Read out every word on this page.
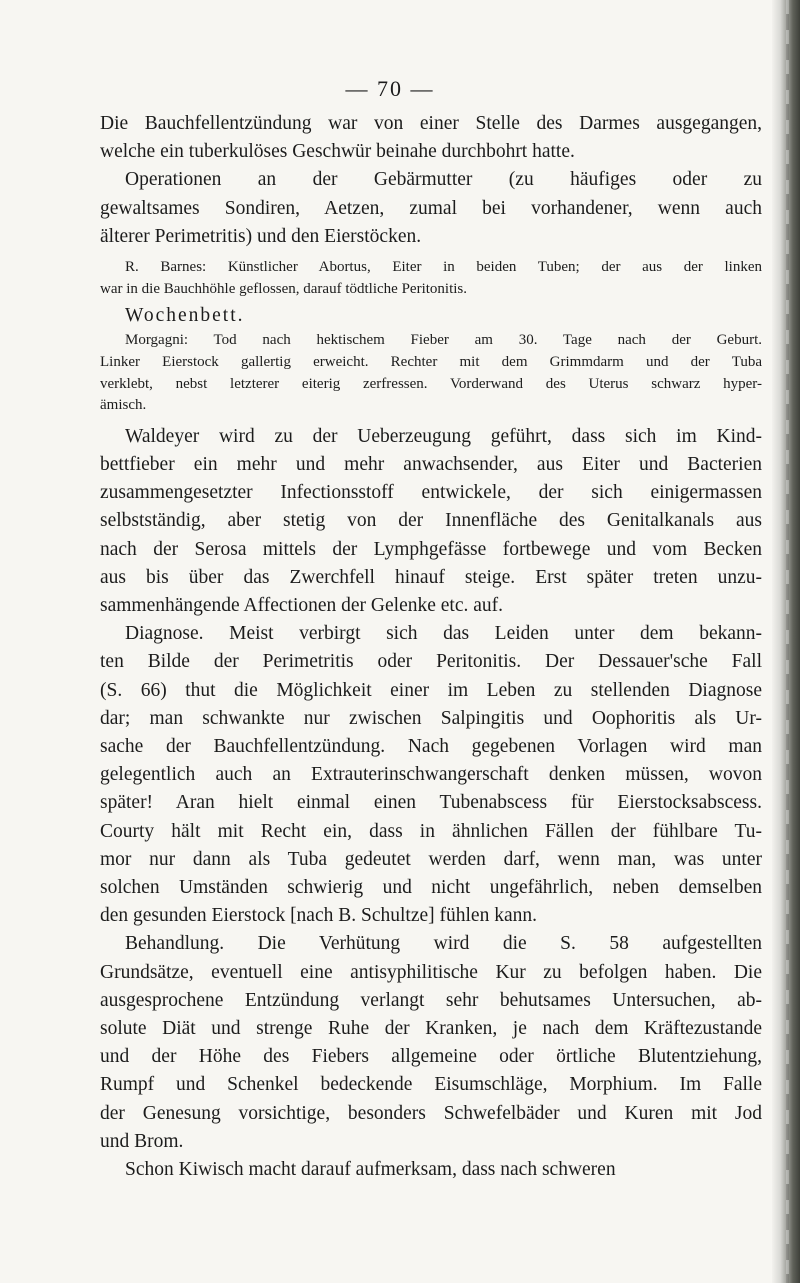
— 70 —
Die Bauchfellentzündung war von einer Stelle des Darmes ausgegangen,
welche ein tuberkulöses Geschwür beinahe durchbohrt hatte.
Operationen an der Gebärmutter (zu häufiges oder zu
gewaltsames Sondiren, Aetzen, zumal bei vorhandener, wenn auch
älterer Perimetritis) und den Eierstöcken.
R. Barnes: Künstlicher Abortus, Eiter in beiden Tuben; der aus der linken
war in die Bauchhöhle geflossen, darauf tödtliche Peritonitis.
Wochenbett.
Morgagni: Tod nach hektischem Fieber am 30. Tage nach der Geburt.
Linker Eierstock gallertig erweicht. Rechter mit dem Grimmdarm und der Tuba
verklebt, nebst letzterer eiterig zerfressen. Vorderwand des Uterus schwarz hyper-
ämisch.
Waldeyer wird zu der Ueberzeugung geführt, dass sich im Kind-
bettfieber ein mehr und mehr anwachsender, aus Eiter und Bacterien
zusammengesetzter Infectionsstoff entwickele, der sich einigermassen
selbstständig, aber stetig von der Innenfläche des Genitalkanals aus
nach der Serosa mittels der Lymphgefässe fortbewege und vom Becken
aus bis über das Zwerchfell hinauf steige. Erst später treten unzu-
sammenhängende Affectionen der Gelenke etc. auf.
Diagnose. Meist verbirgt sich das Leiden unter dem bekann-
ten Bilde der Perimetritis oder Peritonitis. Der Dessauer'sche Fall
(S. 66) thut die Möglichkeit einer im Leben zu stellenden Diagnose
dar; man schwankte nur zwischen Salpingitis und Oophoritis als Ur-
sache der Bauchfellentzündung. Nach gegebenen Vorlagen wird man
gelegentlich auch an Extrauterinschwangerschaft denken müssen, wovon
später! Aran hielt einmal einen Tubenabscess für Eierstocksabscess.
Courty hält mit Recht ein, dass in ähnlichen Fällen der fühlbare Tu-
mor nur dann als Tuba gedeutet werden darf, wenn man, was unter
solchen Umständen schwierig und nicht ungefährlich, neben demselben
den gesunden Eierstock [nach B. Schultze] fühlen kann.
Behandlung. Die Verhütung wird die S. 58 aufgestellten
Grundsätze, eventuell eine antisyphilitische Kur zu befolgen haben. Die
ausgesprochene Entzündung verlangt sehr behutsames Untersuchen, ab-
solute Diät und strenge Ruhe der Kranken, je nach dem Kräftezustande
und der Höhe des Fiebers allgemeine oder örtliche Blutentziehung,
Rumpf und Schenkel bedeckende Eisumschläge, Morphium. Im Falle
der Genesung vorsichtige, besonders Schwefelbäder und Kuren mit Jod
und Brom.
Schon Kiwisch macht darauf aufmerksam, dass nach schweren
